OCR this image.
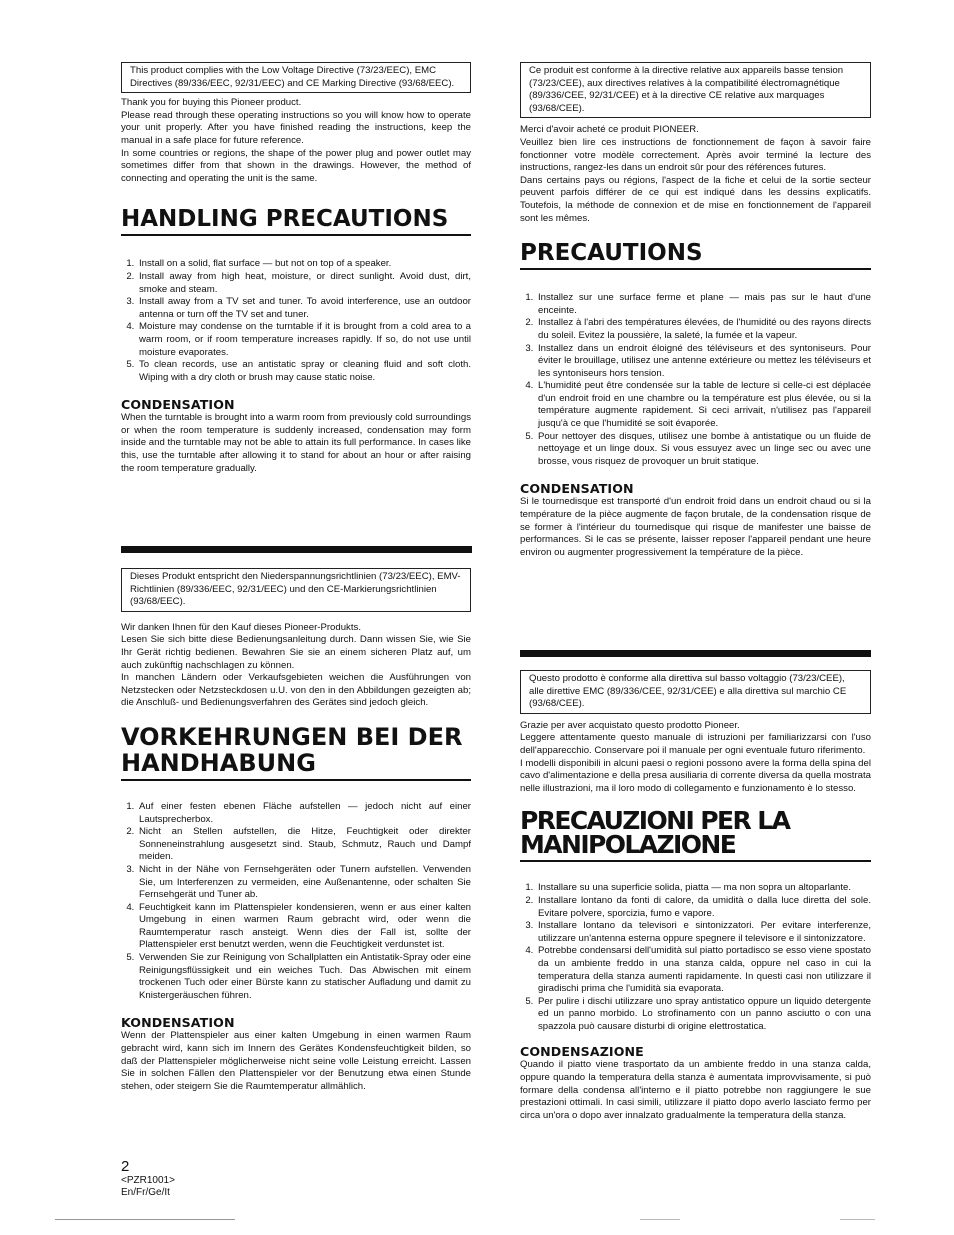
This product complies with the Low Voltage Directive (73/23/EEC), EMC Directives (89/336/EEC, 92/31/EEC) and CE Marking Directive (93/68/EEC).

Thank you for buying this Pioneer product.

Please read through these operating instructions so you will know how to operate your unit properly. After you have finished reading the instructions, keep the manual in a safe place for future reference.

In some countries or regions, the shape of the power plug and power outlet may sometimes differ from that shown in the drawings. However, the method of connecting and operating the unit is the same.

HANDLING PRECAUTIONS
1. Install on a solid, flat surface — but not on top of a speaker.
2. Install away from high heat, moisture, or direct sunlight. Avoid dust, dirt, smoke and steam.
3. Install away from a TV set and tuner. To avoid interference, use an outdoor antenna or turn off the TV set and tuner.
4. Moisture may condense on the turntable if it is brought from a cold area to a warm room, or if room temperature increases rapidly. If so, do not use until moisture evaporates.
5. To clean records, use an antistatic spray or cleaning fluid and soft cloth. Wiping with a dry cloth or brush may cause static noise.
CONDENSATION

When the turntable is brought into a warm room from previously cold surroundings or when the room temperature is suddenly increased, condensation may form inside and the turntable may not be able to attain its full performance. In cases like this, use the turntable after allowing it to stand for about an hour or after raising the room temperature gradually.

Dieses Produkt entspricht den Niederspannungsrichtlinien (73/23/EEC), EMV-Richtlinien (89/336/EEC, 92/31/EEC) und den CE-Markierungsrichtlinien (93/68/EEC).

Wir danken Ihnen für den Kauf dieses Pioneer-Produkts.

Lesen Sie sich bitte diese Bedienungsanleitung durch. Dann wissen Sie, wie Sie Ihr Gerät richtig bedienen. Bewahren Sie sie an einem sicheren Platz auf, um auch zukünftig nachschlagen zu können.

In manchen Ländern oder Verkaufsgebieten weichen die Ausführungen von Netzstecken oder Netzsteckdosen u.U. von den in den Abbildungen gezeigten ab; die Anschluß- und Bedienungsverfahren des Gerätes sind jedoch gleich.

VORKEHRUNGEN BEI DER HANDHABUNG
1. Auf einer festen ebenen Fläche aufstellen — jedoch nicht auf einer Lautsprecherbox.
2. Nicht an Stellen aufstellen, die Hitze, Feuchtigkeit oder direkter Sonneneinstrahlung ausgesetzt sind. Staub, Schmutz, Rauch und Dampf meiden.
3. Nicht in der Nähe von Fernsehgeräten oder Tunern aufstellen. Verwenden Sie, um Interferenzen zu vermeiden, eine Außenantenne, oder schalten Sie Fernsehgerät und Tuner ab.
4. Feuchtigkeit kann im Plattenspieler kondensieren, wenn er aus einer kalten Umgebung in einen warmen Raum gebracht wird, oder wenn die Raumtemperatur rasch ansteigt. Wenn dies der Fall ist, sollte der Plattenspieler erst benutzt werden, wenn die Feuchtigkeit verdunstet ist.
5. Verwenden Sie zur Reinigung von Schallplatten ein Antistatik-Spray oder eine Reinigungsflüssigkeit und ein weiches Tuch. Das Abwischen mit einem trockenen Tuch oder einer Bürste kann zu statischer Aufladung und damit zu Knistergeräuschen führen.
KONDENSATION

Wenn der Plattenspieler aus einer kalten Umgebung in einen warmen Raum gebracht wird, kann sich im Innern des Gerätes Kondensfeuchtigkeit bilden, so daß der Plattenspieler möglicherweise nicht seine volle Leistung erreicht. Lassen Sie in solchen Fällen den Plattenspieler vor der Benutzung etwa einen Stunde stehen, oder steigern Sie die Raumtemperatur allmählich.

Ce produit est conforme à la directive relative aux appareils basse tension (73/23/CEE), aux directives relatives à la compatibilité électromagnétique (89/336/CEE, 92/31/CEE) et à la directive CE relative aux marquages (93/68/CEE).

Merci d'avoir acheté ce produit PIONEER.

Veuillez bien lire ces instructions de fonctionnement de façon à savoir faire fonctionner votre modèle correctement. Après avoir terminé la lecture des instructions, rangez-les dans un endroit sûr pour des références futures.

Dans certains pays ou régions, l'aspect de la fiche et celui de la sortie secteur peuvent parfois différer de ce qui est indiqué dans les dessins explicatifs. Toutefois, la méthode de connexion et de mise en fonctionnement de l'appareil sont les mêmes.

PRECAUTIONS
1. Installez sur une surface ferme et plane — mais pas sur le haut d'une enceinte.
2. Installez à l'abri des températures élevées, de l'humidité ou des rayons directs du soleil. Evitez la poussière, la saleté, la fumée et la vapeur.
3. Installez dans un endroit éloigné des téléviseurs et des syntoniseurs. Pour éviter le brouillage, utilisez une antenne extérieure ou mettez les téléviseurs et les syntoniseurs hors tension.
4. L'humidité peut être condensée sur la table de lecture si celle-ci est déplacée d'un endroit froid en une chambre ou la température est plus élevée, ou si la température augmente rapidement. Si ceci arrivait, n'utilisez pas l'appareil jusqu'à ce que l'humidité se soit évaporée.
5. Pour nettoyer des disques, utilisez une bombe à antistatique ou un fluide de nettoyage et un linge doux. Si vous essuyez avec un linge sec ou avec une brosse, vous risquez de provoquer un bruit statique.
CONDENSATION

Si le tournedisque est transporté d'un endroit froid dans un endroit chaud ou si la température de la pièce augmente de façon brutale, de la condensation risque de se former à l'intérieur du tournedisque qui risque de manifester une baisse de performances. Si le cas se présente, laisser reposer l'appareil pendant une heure environ ou augmenter progressivement la température de la pièce.

Questo prodotto è conforme alla direttiva sul basso voltaggio (73/23/CEE), alle direttive EMC (89/336/CEE, 92/31/CEE) e alla direttiva sul marchio CE (93/68/CEE).

Grazie per aver acquistato questo prodotto Pioneer.

Leggere attentamente questo manuale di istruzioni per familiarizzarsi con l'uso dell'apparecchio. Conservare poi il manuale per ogni eventuale futuro riferimento.

I modelli disponibili in alcuni paesi o regioni possono avere la forma della spina del cavo d'alimentazione e della presa ausiliaria di corrente diversa da quella mostrata nelle illustrazioni, ma il loro modo di collegamento e funzionamento è lo stesso.

PRECAUZIONI PER LA MANIPOLAZIONE
1. Installare su una superficie solida, piatta — ma non sopra un altoparlante.
2. Installare lontano da fonti di calore, da umidità o dalla luce diretta del sole. Evitare polvere, sporcizia, fumo e vapore.
3. Installare lontano da televisori e sintonizzatori. Per evitare interferenze, utilizzare un'antenna esterna oppure spegnere il televisore e il sintonizzatore.
4. Potrebbe condensarsi dell'umidità sul piatto portadisco se esso viene spostato da un ambiente freddo in una stanza calda, oppure nel caso in cui la temperatura della stanza aumenti rapidamente. In questi casi non utilizzare il giradischi prima che l'umidità sia evaporata.
5. Per pulire i dischi utilizzare uno spray antistatico oppure un liquido detergente ed un panno morbido. Lo strofinamento con un panno asciutto o con una spazzola può causare disturbi di origine elettrostatica.
CONDENSAZIONE

Quando il piatto viene trasportato da un ambiente freddo in una stanza calda, oppure quando la temperatura della stanza è aumentata improvvisamente, si può formare della condensa all'interno e il piatto potrebbe non raggiungere le sue prestazioni ottimali. In casi simili, utilizzare il piatto dopo averlo lasciato fermo per circa un'ora o dopo aver innalzato gradualmente la temperatura della stanza.

2
<PZR1001>
En/Fr/Ge/It
